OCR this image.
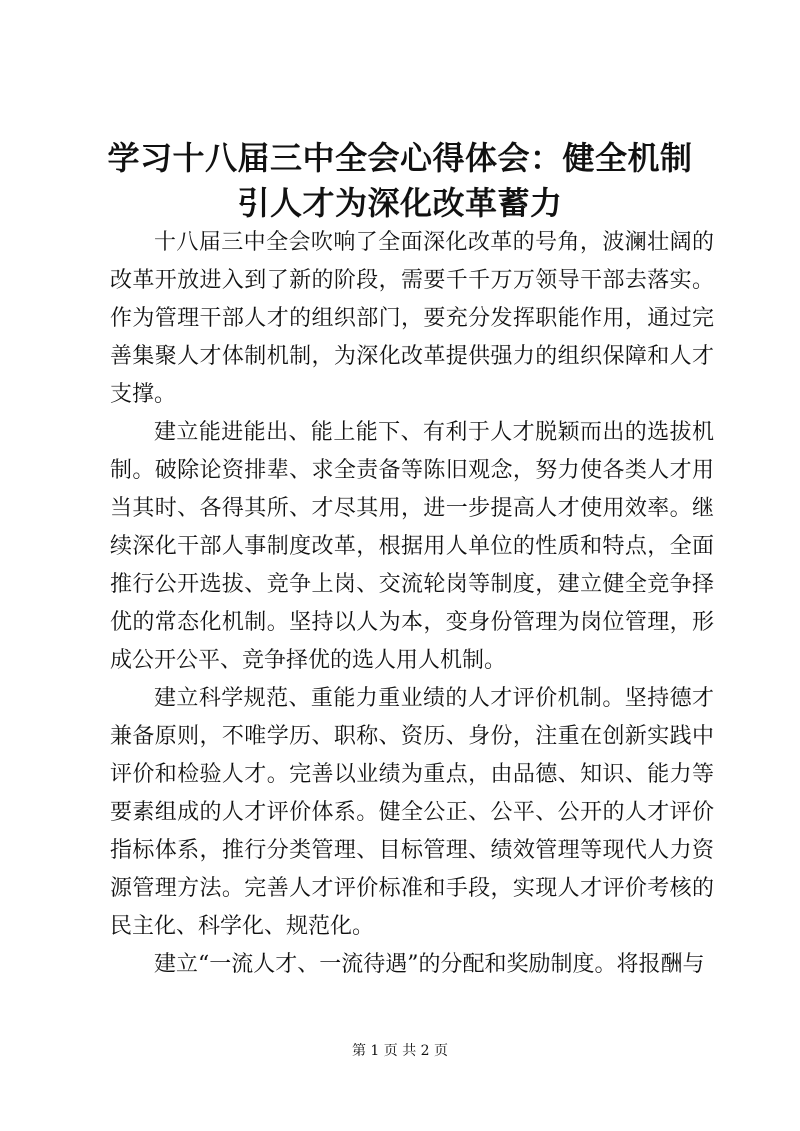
学习十八届三中全会心得体会：健全机制引人才为深化改革蓄力

十八届三中全会吹响了全面深化改革的号角，波澜壮阔的改革开放进入到了新的阶段，需要千千万万领导干部去落实。作为管理干部人才的组织部门，要充分发挥职能作用，通过完善集聚人才体制机制，为深化改革提供强力的组织保障和人才支撑。

建立能进能出、能上能下、有利于人才脱颖而出的选拔机制。破除论资排辈、求全责备等陈旧观念，努力使各类人才用当其时、各得其所、才尽其用，进一步提高人才使用效率。继续深化干部人事制度改革，根据用人单位的性质和特点，全面推行公开选拔、竞争上岗、交流轮岗等制度，建立健全竞争择优的常态化机制。坚持以人为本，变身份管理为岗位管理，形成公开公平、竞争择优的选人用人机制。

建立科学规范、重能力重业绩的人才评价机制。坚持德才兼备原则，不唯学历、职称、资历、身份，注重在创新实践中评价和检验人才。完善以业绩为重点，由品德、知识、能力等要素组成的人才评价体系。健全公正、公平、公开的人才评价指标体系，推行分类管理、目标管理、绩效管理等现代人力资源管理方法。完善人才评价标准和手段，实现人才评价考核的民主化、科学化、规范化。

建立“一流人才、一流待遇”的分配和奖励制度。将报酬与

第 1 页 共 2 页
